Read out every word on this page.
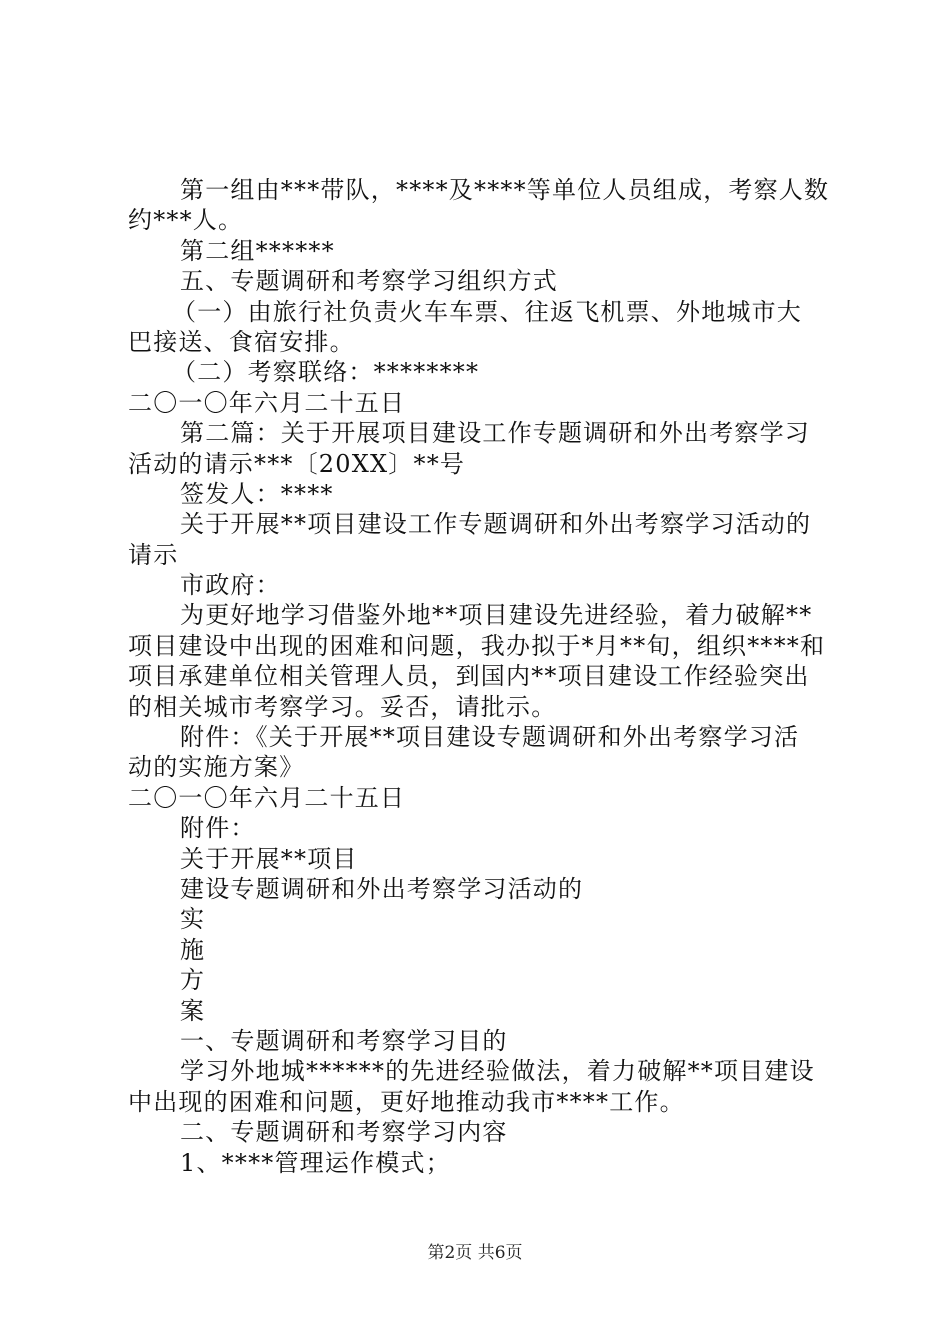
第一组由***带队，****及****等单位人员组成，考察人数
约***人。
第二组******
五、专题调研和考察学习组织方式
（一）由旅行社负责火车车票、往返飞机票、外地城市大
巴接送、食宿安排。
（二）考察联络：********
二〇一〇年六月二十五日
第二篇：关于开展项目建设工作专题调研和外出考察学习
活动的请示***〔20XX〕**号
签发人：****
关于开展**项目建设工作专题调研和外出考察学习活动的
请示
市政府：
为更好地学习借鉴外地**项目建设先进经验，着力破解**
项目建设中出现的困难和问题，我办拟于*月**旬，组织****和
项目承建单位相关管理人员，到国内**项目建设工作经验突出
的相关城市考察学习。妥否，请批示。
附件：《关于开展**项目建设专题调研和外出考察学习活
动的实施方案》
二〇一〇年六月二十五日
附件：
关于开展**项目
建设专题调研和外出考察学习活动的
实
施
方
案
一、专题调研和考察学习目的
学习外地城******的先进经验做法，着力破解**项目建设
中出现的困难和问题，更好地推动我市****工作。
二、专题调研和考察学习内容
1、****管理运作模式；
第2页 共6页
